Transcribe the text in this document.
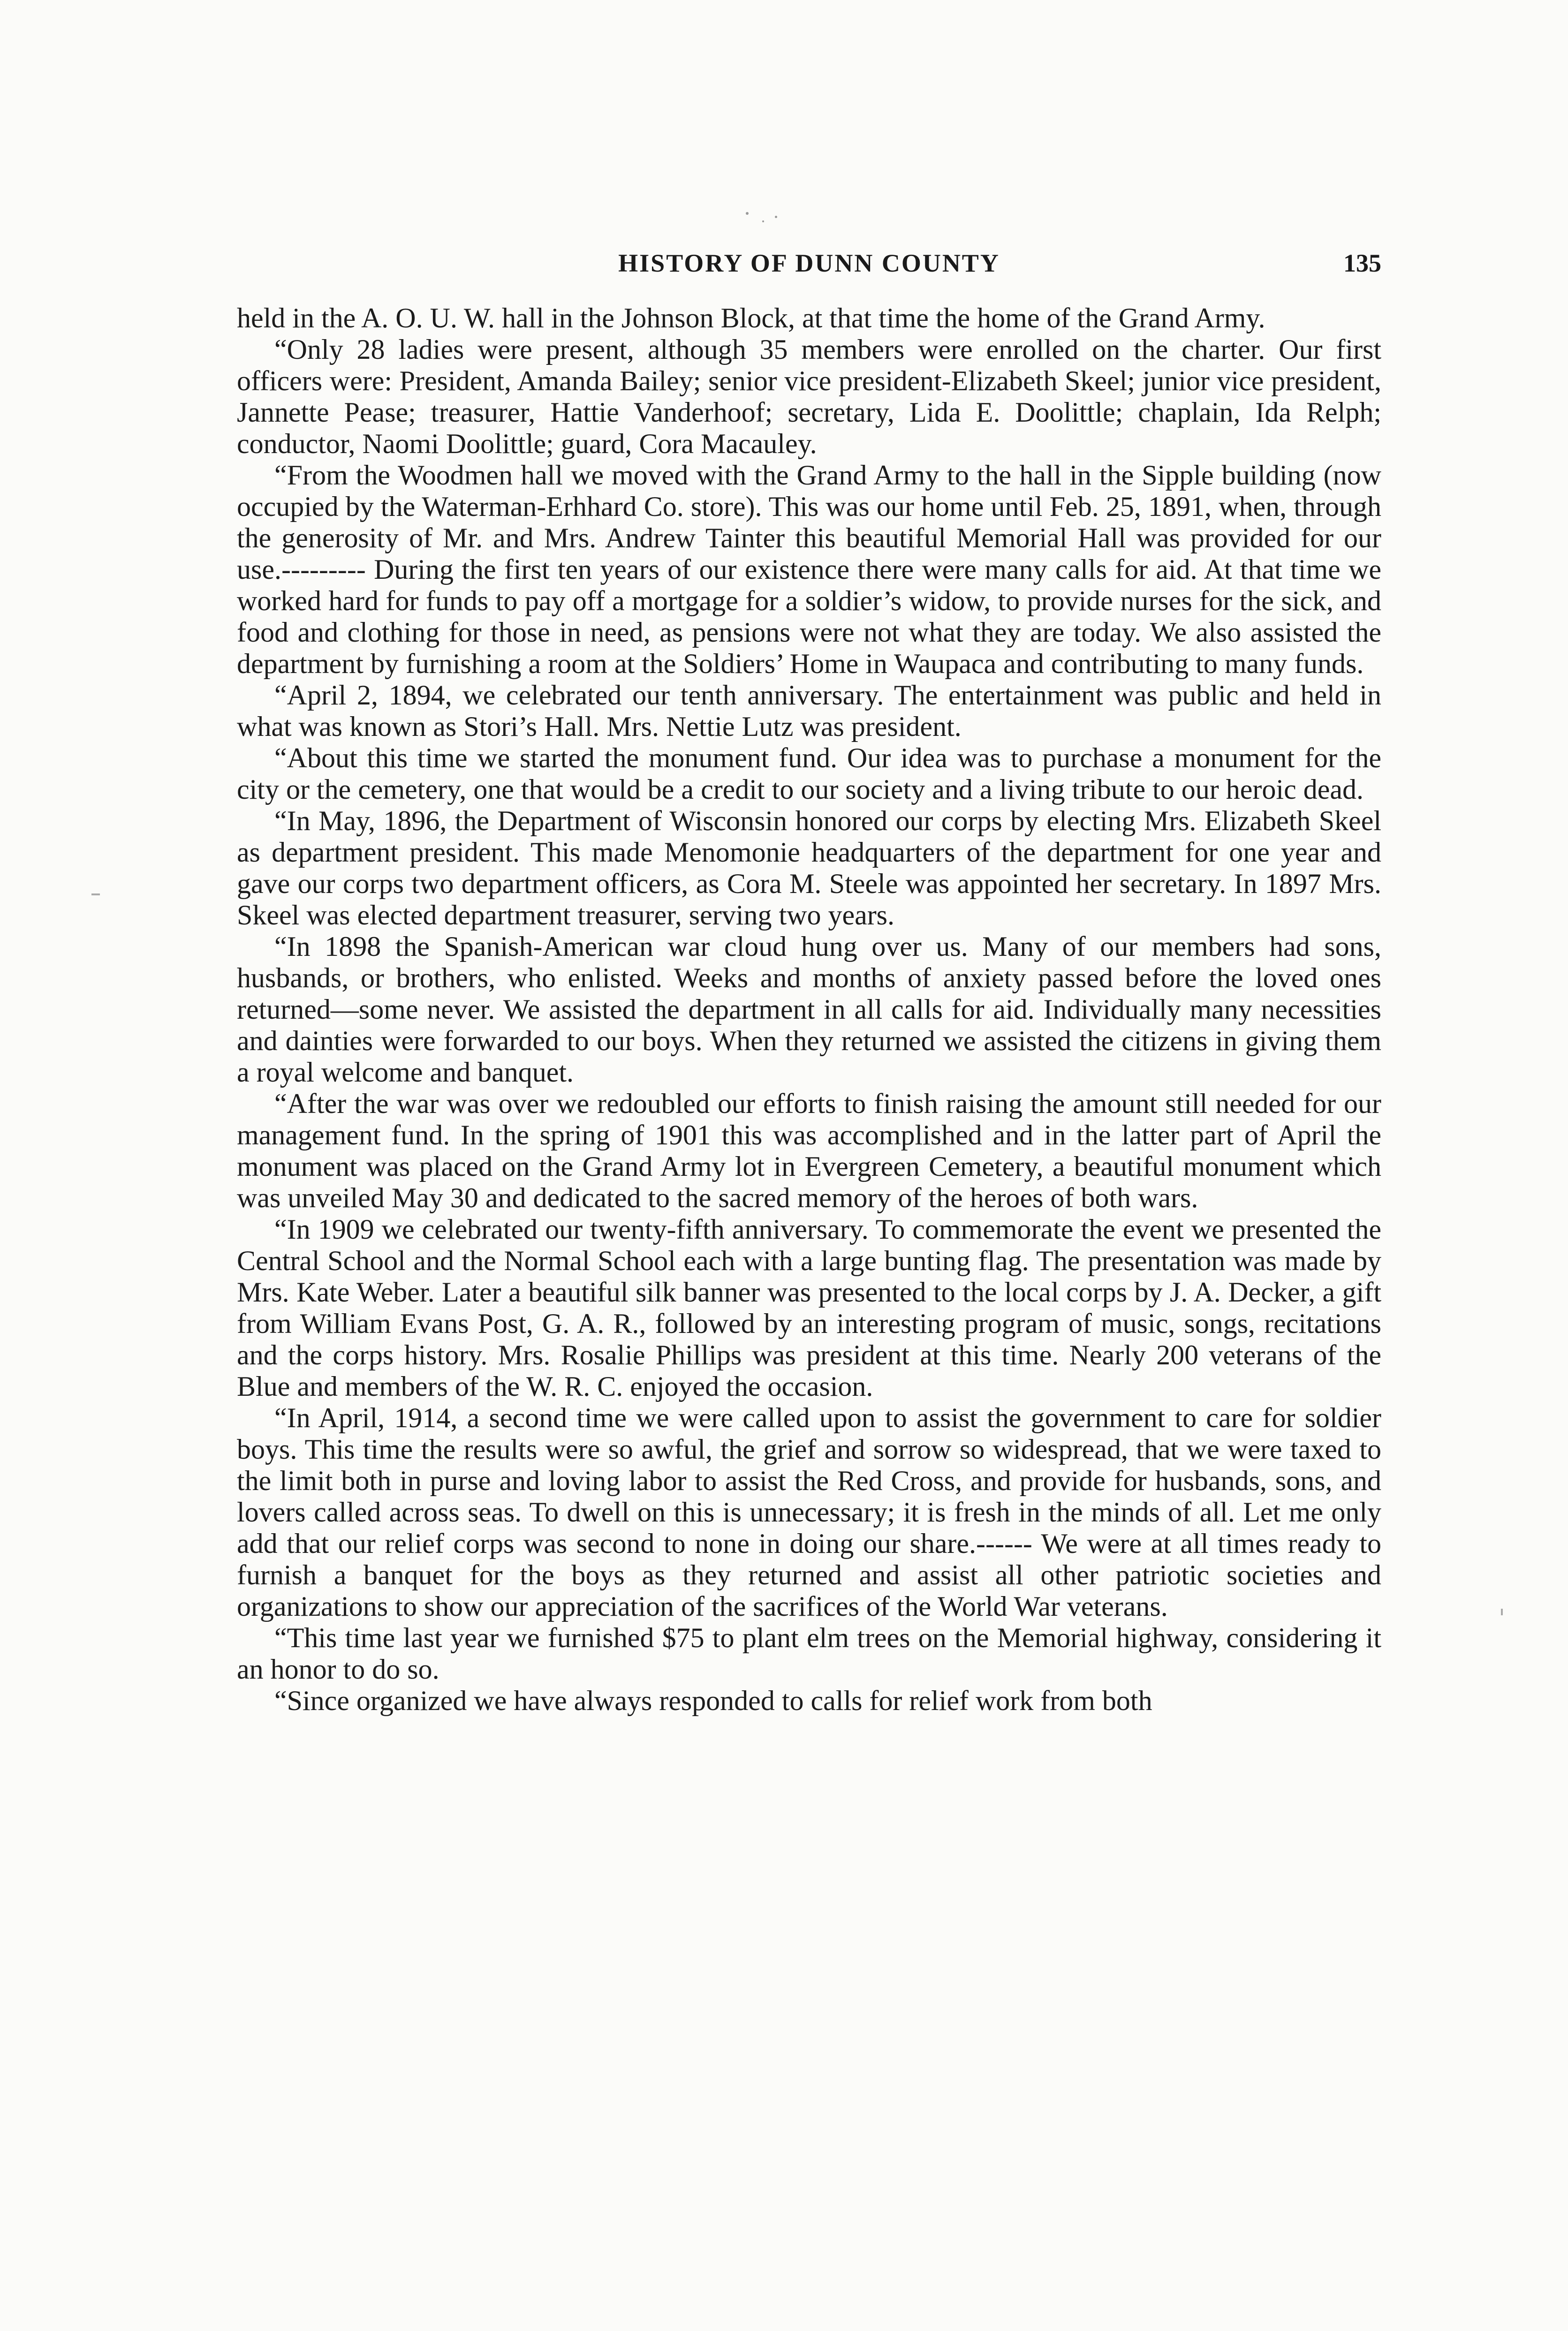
HISTORY OF DUNN COUNTY	135

held in the A. O. U. W. hall in the Johnson Block, at that time the home of the Grand Army.

“Only 28 ladies were present, although 35 members were enrolled on the charter. Our first officers were: President, Amanda Bailey; senior vice president-Elizabeth Skeel; junior vice president, Jannette Pease; treasurer, Hattie Vanderhoof; secretary, Lida E. Doolittle; chaplain, Ida Relph; conductor, Naomi Doolittle; guard, Cora Macauley.

“From the Woodmen hall we moved with the Grand Army to the hall in the Sipple building (now occupied by the Waterman-Erhhard Co. store). This was our home until Feb. 25, 1891, when, through the generosity of Mr. and Mrs. Andrew Tainter this beautiful Memorial Hall was provided for our use.--------- During the first ten years of our existence there were many calls for aid. At that time we worked hard for funds to pay off a mortgage for a soldier’s widow, to provide nurses for the sick, and food and clothing for those in need, as pensions were not what they are today. We also assisted the department by furnishing a room at the Soldiers’ Home in Waupaca and contributing to many funds.

“April 2, 1894, we celebrated our tenth anniversary. The entertainment was public and held in what was known as Stori’s Hall. Mrs. Nettie Lutz was president.

“About this time we started the monument fund. Our idea was to purchase a monument for the city or the cemetery, one that would be a credit to our society and a living tribute to our heroic dead.

“In May, 1896, the Department of Wisconsin honored our corps by electing Mrs. Elizabeth Skeel as department president. This made Menomonie headquarters of the department for one year and gave our corps two department officers, as Cora M. Steele was appointed her secretary. In 1897 Mrs. Skeel was elected department treasurer, serving two years.

“In 1898 the Spanish-American war cloud hung over us. Many of our members had sons, husbands, or brothers, who enlisted. Weeks and months of anxiety passed before the loved ones returned—some never. We assisted the department in all calls for aid. Individually many necessities and dainties were forwarded to our boys. When they returned we assisted the citizens in giving them a royal welcome and banquet.

“After the war was over we redoubled our efforts to finish raising the amount still needed for our management fund. In the spring of 1901 this was accomplished and in the latter part of April the monument was placed on the Grand Army lot in Evergreen Cemetery, a beautiful monument which was unveiled May 30 and dedicated to the sacred memory of the heroes of both wars.

“In 1909 we celebrated our twenty-fifth anniversary. To commemorate the event we presented the Central School and the Normal School each with a large bunting flag. The presentation was made by Mrs. Kate Weber. Later a beautiful silk banner was presented to the local corps by J. A. Decker, a gift from William Evans Post, G. A. R., followed by an interesting program of music, songs, recitations and the corps history. Mrs. Rosalie Phillips was president at this time. Nearly 200 veterans of the Blue and members of the W. R. C. enjoyed the occasion.

“In April, 1914, a second time we were called upon to assist the government to care for soldier boys. This time the results were so awful, the grief and sorrow so widespread, that we were taxed to the limit both in purse and loving labor to assist the Red Cross, and provide for husbands, sons, and lovers called across seas. To dwell on this is unnecessary; it is fresh in the minds of all. Let me only add that our relief corps was second to none in doing our share.------ We were at all times ready to furnish a banquet for the boys as they returned and assist all other patriotic societies and organizations to show our appreciation of the sacrifices of the World War veterans.

“This time last year we furnished $75 to plant elm trees on the Memorial highway, considering it an honor to do so.

“Since organized we have always responded to calls for relief work from both
